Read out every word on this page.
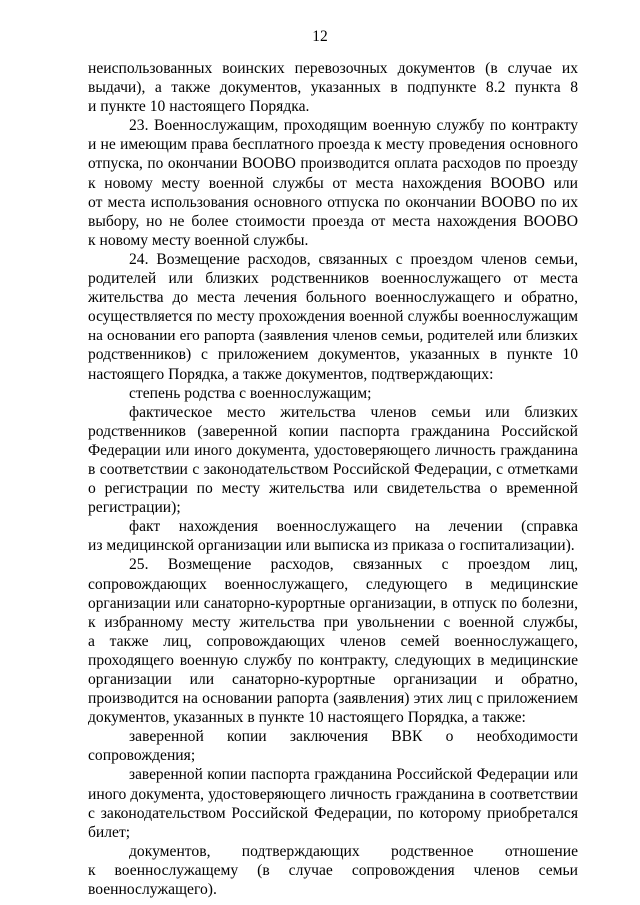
12
неиспользованных воинских перевозочных документов (в случае их
выдачи), а также документов, указанных в подпункте 8.2 пункта 8
и пункте 10 настоящего Порядка.
23. Военнослужащим, проходящим военную службу по контракту
и не имеющим права бесплатного проезда к месту проведения основного
отпуска, по окончании ВООВО производится оплата расходов по проезду
к новому месту военной службы от места нахождения ВООВО или
от места использования основного отпуска по окончании ВООВО по их
выбору, но не более стоимости проезда от места нахождения ВООВО
к новому месту военной службы.
24. Возмещение расходов, связанных с проездом членов семьи,
родителей или близких родственников военнослужащего от места
жительства до места лечения больного военнослужащего и обратно,
осуществляется по месту прохождения военной службы военнослужащим
на основании его рапорта (заявления членов семьи, родителей или близких
родственников) с приложением документов, указанных в пункте 10
настоящего Порядка, а также документов, подтверждающих:
степень родства с военнослужащим;
фактическое место жительства членов семьи или близких
родственников (заверенной копии паспорта гражданина Российской
Федерации или иного документа, удостоверяющего личность гражданина
в соответствии с законодательством Российской Федерации, с отметками
о регистрации по месту жительства или свидетельства о временной
регистрации);
факт нахождения военнослужащего на лечении (справка
из медицинской организации или выписка из приказа о госпитализации).
25. Возмещение расходов, связанных с проездом лиц,
сопровождающих военнослужащего, следующего в медицинские
организации или санаторно-курортные организации, в отпуск по болезни,
к избранному месту жительства при увольнении с военной службы,
а также лиц, сопровождающих членов семей военнослужащего,
проходящего военную службу по контракту, следующих в медицинские
организации или санаторно-курортные организации и обратно,
производится на основании рапорта (заявления) этих лиц с приложением
документов, указанных в пункте 10 настоящего Порядка, а также:
заверенной копии заключения ВВК о необходимости
сопровождения;
заверенной копии паспорта гражданина Российской Федерации или
иного документа, удостоверяющего личность гражданина в соответствии
с законодательством Российской Федерации, по которому приобретался
билет;
документов, подтверждающих родственное отношение
к военнослужащему (в случае сопровождения членов семьи
военнослужащего).
